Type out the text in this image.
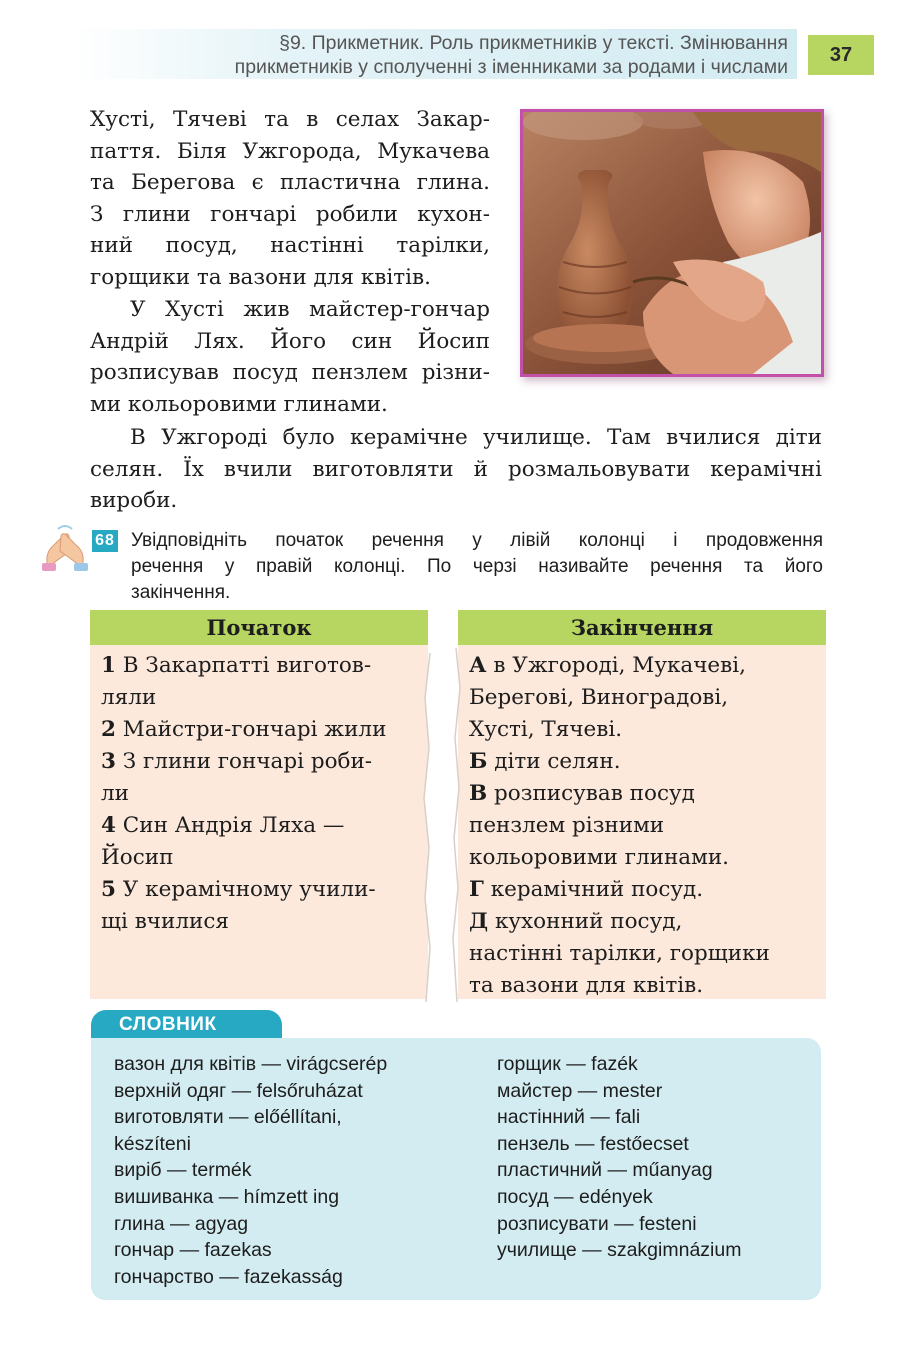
§9. Прикметник. Роль прикметників у тексті. Змінювання
прикметників у сполученні з іменниками за родами і числами
37
Хусті, Тячеві та в селах Закар-
паття. Біля Ужгорода, Мукачева
та Берегова є пластична глина.
З глини гончарі робили кухон-
ний посуд, настінні тарілки,
горщики та вазони для квітів.
У Хусті жив майстер-гончар
Андрій Лях. Його син Йосип
розписував посуд пензлем різни-
ми кольоровими глинами.
В Ужгороді було керамічне училище. Там вчилися діти
селян. Їх вчили виготовляти й розмальовувати керамічні
вироби.
68 Увідповідніть початок речення у лівій колонці і продовження
речення у правій колонці. По черзі називайте речення та його
закінчення.
Початок
1 В Закарпатті виготов-
ляли
2 Майстри-гончарі жили
3 З глини гончарі роби-
ли
4 Син Андрія Ляха —
Йосип
5 У керамічному учили-
щі вчилися
Закінчення
А в Ужгороді, Мукачеві,
Берегові, Виноградові,
Хусті, Тячеві.
Б діти селян.
В розписував посуд
пензлем різними
кольоровими глинами.
Г керамічний посуд.
Д кухонний посуд,
настінні тарілки, горщики
та вазони для квітів.
СЛОВНИК
вазон для квітів — virágcserép
верхній одяг — felsőruházat
виготовляти — előéllítani,
készíteni
виріб — termék
вишиванка — hímzett ing
глина — agyag
гончар — fazekas
гончарство — fazekasság
горщик — fazék
майстер — mester
настінний — fali
пензель — festőecset
пластичний — műanyag
посуд — edények
розписувати — festeni
училище — szakgimnázium
